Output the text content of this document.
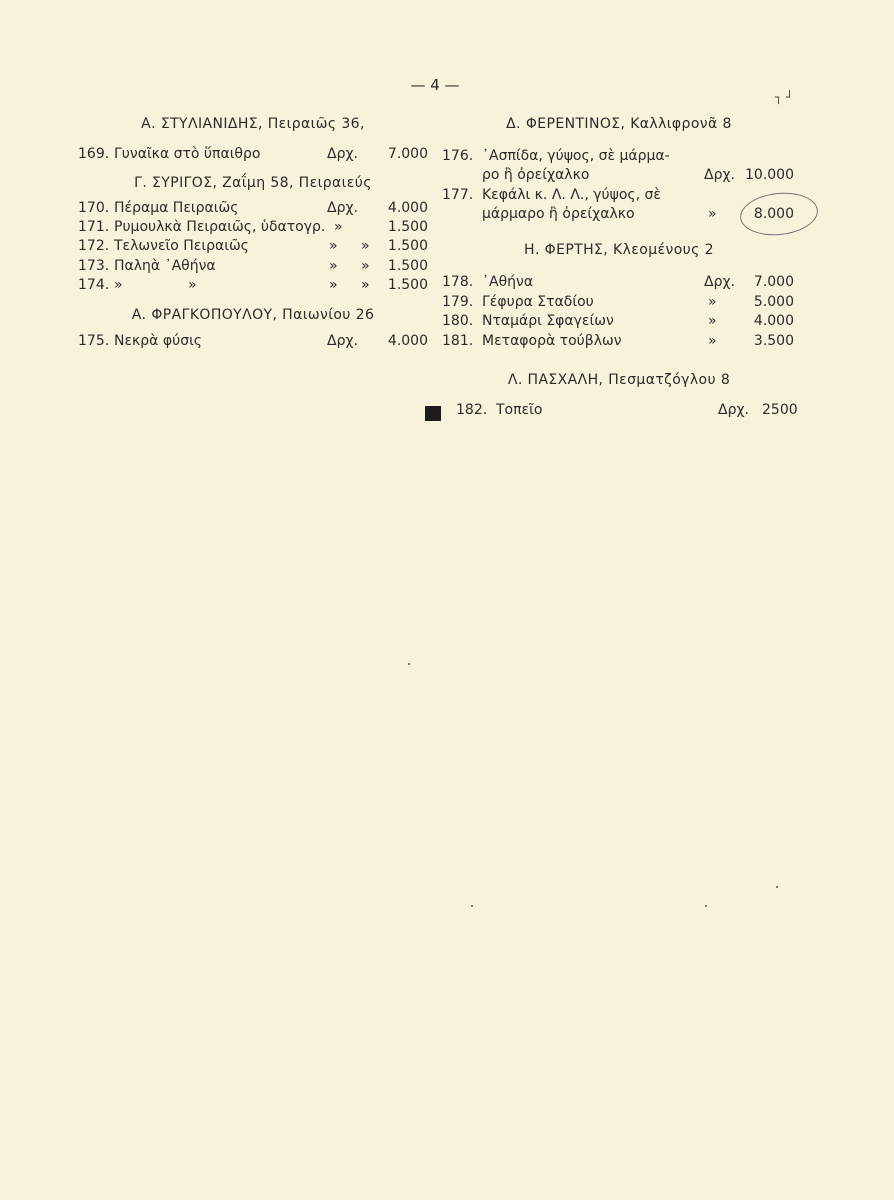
— 4 —
┐ ┘
Α. ΣΤΥΛΙΑΝΙΔΗΣ, Πειραιῶς 36,
169. Γυναῖκα στὸ ὕπαιθρο	Δρχ. 7.000
Γ. ΣΥΡΙΓΟΣ, Ζαΐμη 58, Πειραιεύς
170. Πέραμα Πειραιῶς	Δρχ. 4.000
171. Ρυμουλκὰ Πειραιῶς, ὑδατογρ. »	1.500
172. Τελωνεῖο Πειραιῶς	» » 1.500
173. Παληὰ ᾿Αθήνα	» » 1.500
174. »	»	» » 1.500
Α. ΦΡΑΓΚΟΠΟΥΛΟΥ, Παιωνίου 26
175. Νεκρὰ φύσις	Δρχ. 4.000
Δ. ΦΕΡΕΝΤΙΝΟΣ, Καλλιφρονᾶ 8
176. ᾿Ασπίδα, γύψος, σὲ μάρμα-
ρο ἢ ὀρείχαλκο	Δρχ. 10.000
177. Κεφάλι κ. Λ. Λ., γύψος, σὲ
μάρμαρο ἢ ὀρείχαλκο	»	8.000
Η. ΦΕΡΤΗΣ, Κλεομένους 2
178. ᾿Αθήνα	Δρχ. 7.000
179. Γέφυρα Σταδίου	»	5.000
180. Νταμάρι Σφαγείων	»	4.000
181. Μεταφορὰ τούβλων	»	3.500
Λ. ΠΑΣΧΑΛΗ, Πεσματζόγλου 8
182. Τοπεῖο	Δρχ. 2500
